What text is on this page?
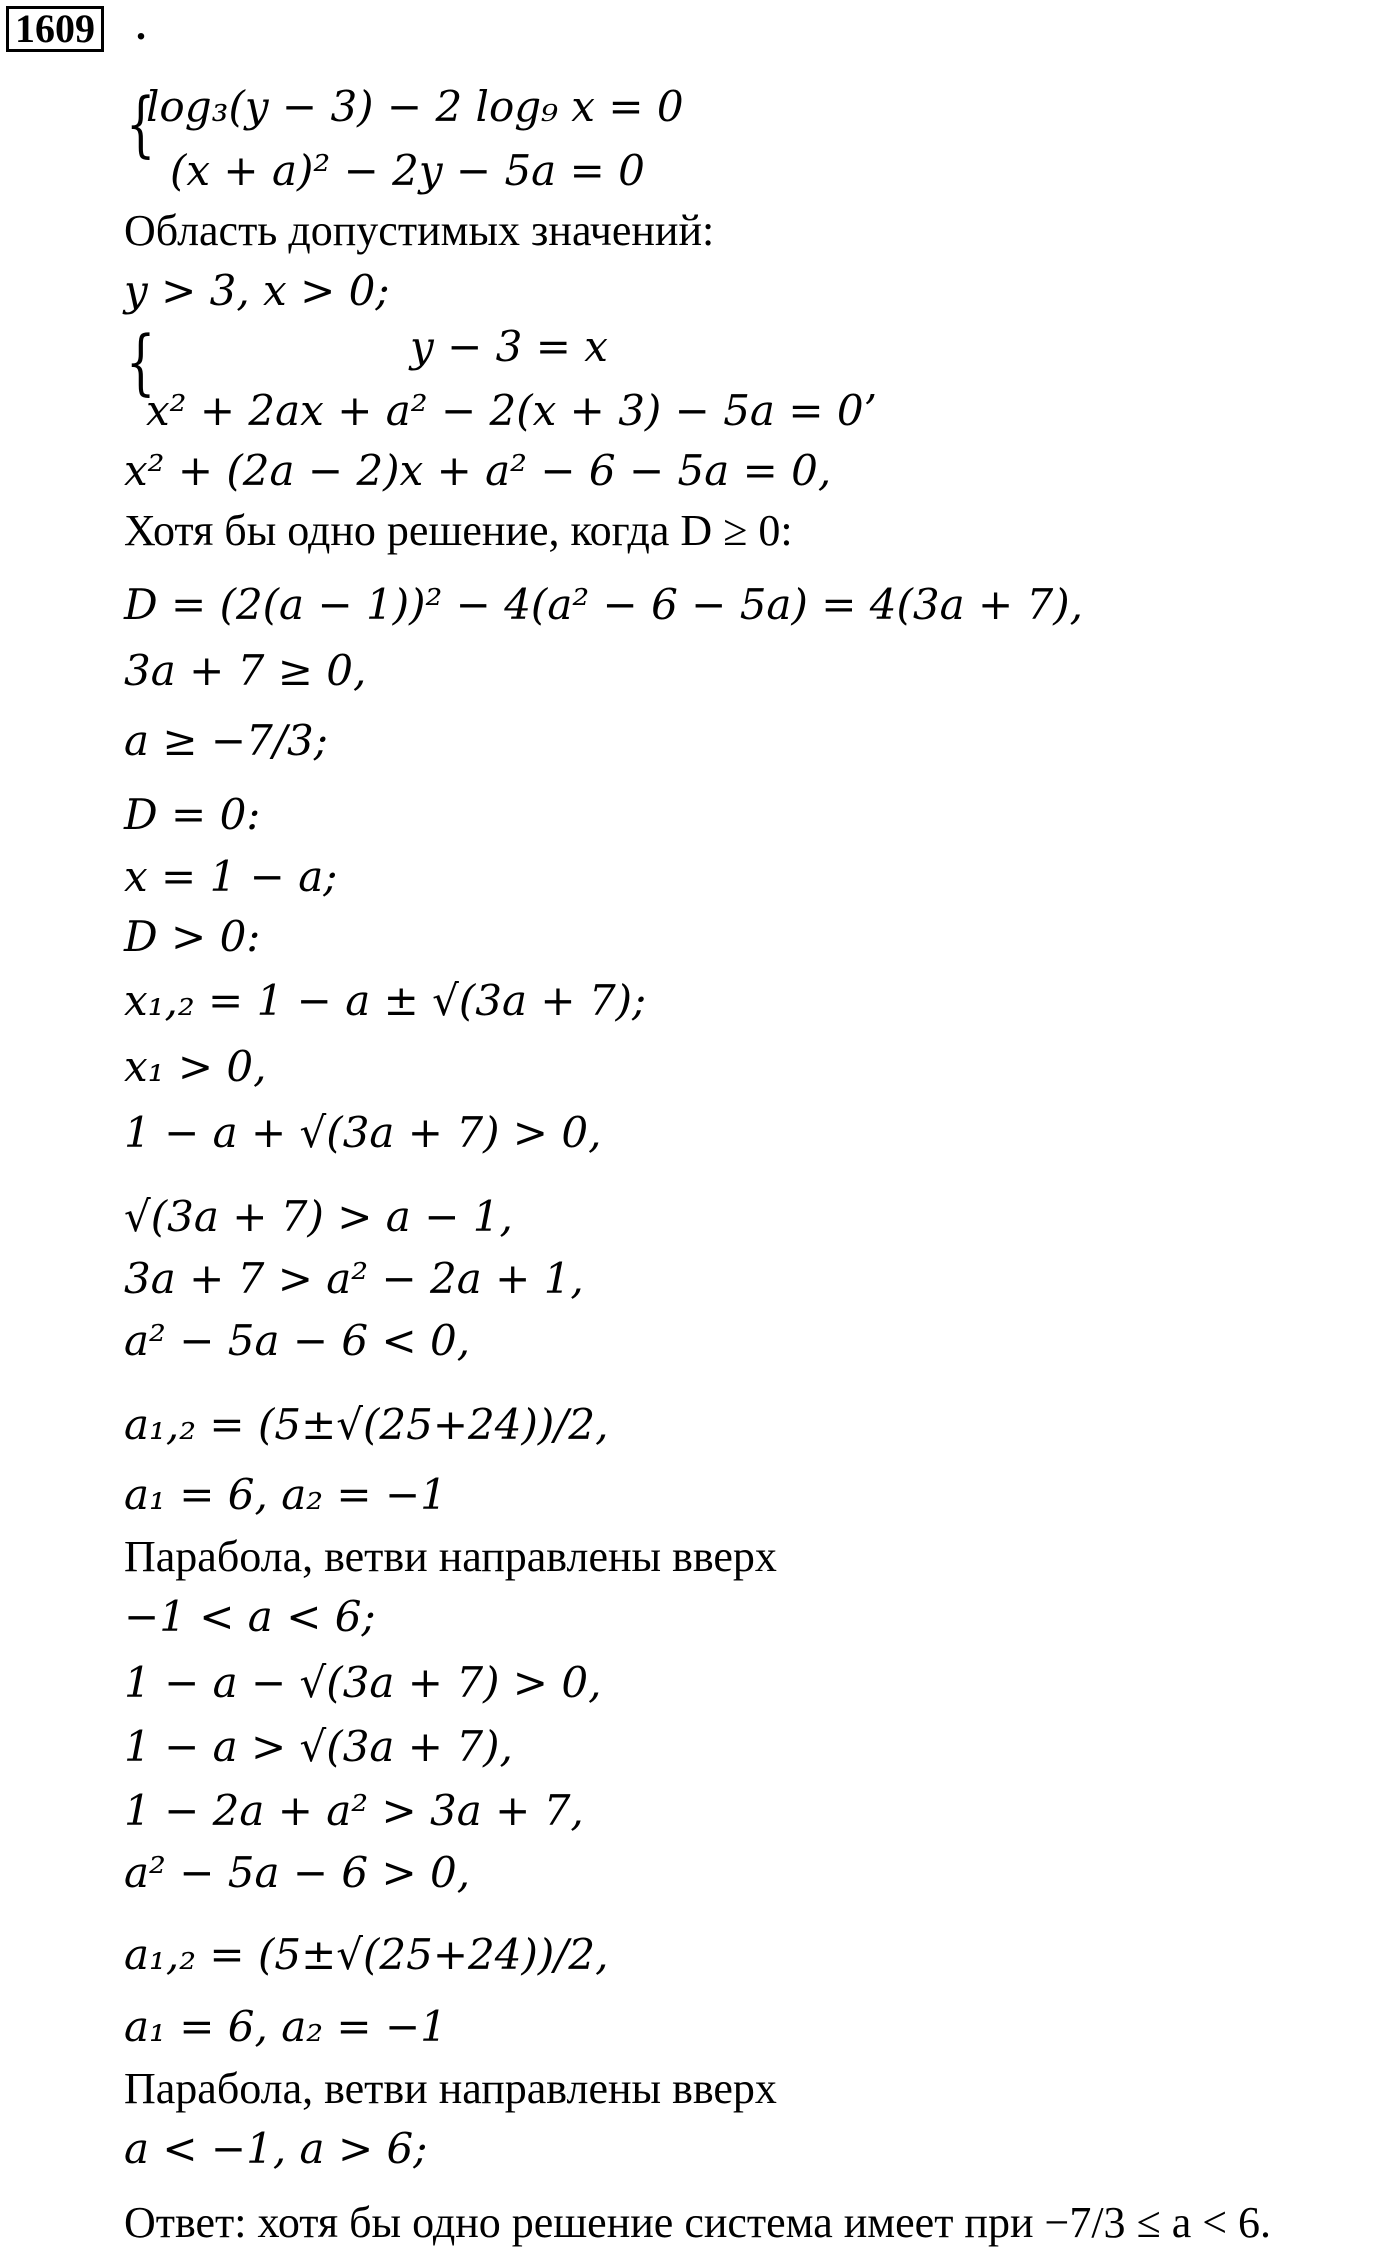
1609 .
{
log₃(y − 3) − 2 log₉ x = 0
(x + a)² − 2y − 5a = 0
Область допустимых значений:
y > 3, x > 0;
{	y − 3 = x
x² + 2ax + a² − 2(x + 3) − 5a = 0’
x² + (2a − 2)x + a² − 6 − 5a = 0,
Хотя бы одно решение, когда D ≥ 0:
D = (2(a − 1))² − 4(a² − 6 − 5a) = 4(3a + 7),
3a + 7 ≥ 0,
a ≥ −7/3;
D = 0:
x = 1 − a;
D > 0:
x₁,₂ = 1 − a ± √(3a + 7);
x₁ > 0,
1 − a + √(3a + 7) > 0,
√(3a + 7) > a − 1,
3a + 7 > a² − 2a + 1,
a² − 5a − 6 < 0,
a₁,₂ = (5±√(25+24))/2,
a₁ = 6, a₂ = −1
Парабола, ветви направлены вверх
−1 < a < 6;
1 − a − √(3a + 7) > 0,
1 − a > √(3a + 7),
1 − 2a + a² > 3a + 7,
a² − 5a − 6 > 0,
a₁,₂ = (5±√(25+24))/2,
a₁ = 6, a₂ = −1
Парабола, ветви направлены вверх
a < −1, a > 6;
Ответ: хотя бы одно решение система имеет при −7/3 ≤ a < 6.
